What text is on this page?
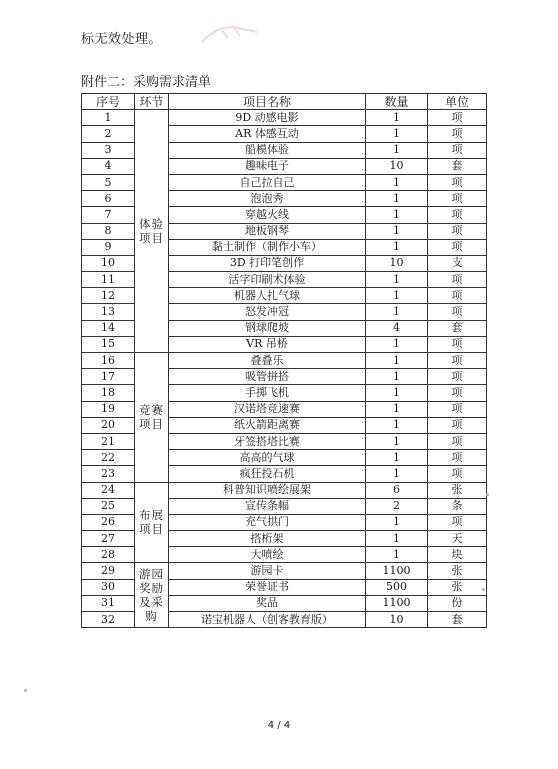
标无效处理。
附件二：采购需求清单
序号	环节	项目名称	数量	单位
1	体验项目	9D 动感电影	1	项
2		AR 体感互动	1	项
3		船模体验	1	项
4		趣味电子	10	套
5		自己拉自己	1	项
6		泡泡秀	1	项
7		穿越火线	1	项
8		地板钢琴	1	项
9		黏土制作（制作小车）	1	项
10		3D 打印笔创作	10	支
11		活字印刷术体验	1	项
12		机器人扎气球	1	项
13		怒发冲冠	1	项
14		钢球爬坡	4	套
15		VR 吊桥	1	项
16	竞赛项目	叠叠乐	1	项
17		吸管拼搭	1	项
18		手掷飞机	1	项
19		汉诺塔竞速赛	1	项
20		纸火箭距离赛	1	项
21		牙签搭塔比赛	1	项
22		高高的气球	1	项
23		疯狂投石机	1	项
24	布展项目	科普知识喷绘展架	6	张
25		宣传条幅	2	条
26		充气拱门	1	项
27		搭桁架	1	天
28		大喷绘	1	块
29	游园奖励及采购	游园卡	1100	张
30		荣誉证书	500	张
31		奖品	1100	份
32		诺宝机器人（创客教育版）	10	套
4 / 4
